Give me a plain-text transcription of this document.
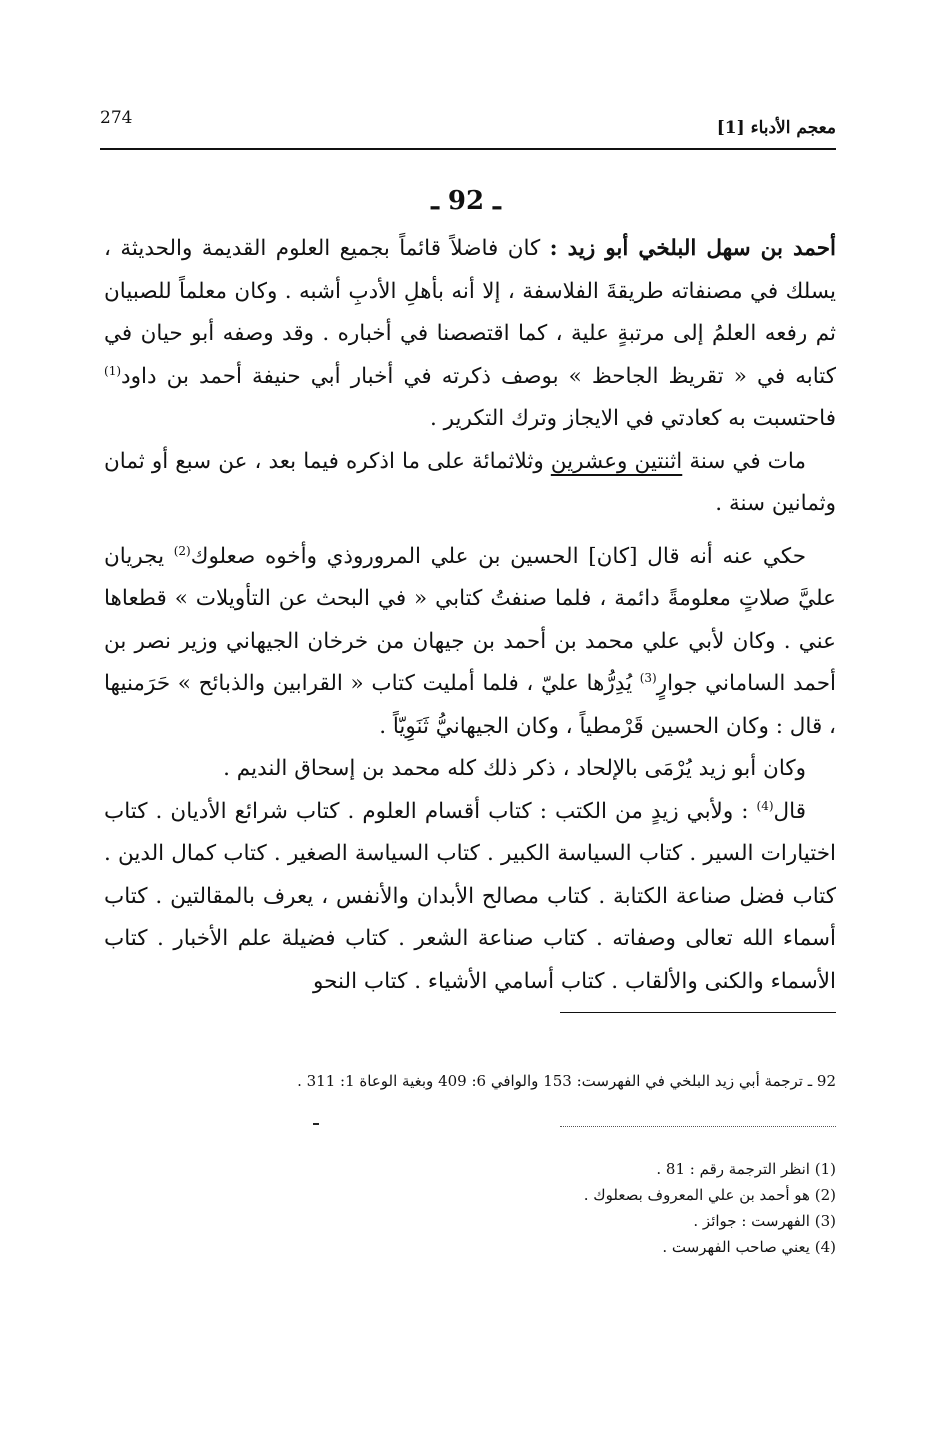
معجم الأدباء [1]
274
ـ 92 ـ

أحمد بن سهل البلخي أبو زيد : كان فاضلاً قائماً بجميع العلوم القديمة والحديثة ، يسلك في مصنفاته طريقةَ الفلاسفة ، إلا أنه بأهلِ الأدبِ أشبه . وكان معلماً للصبيان ثم رفعه العلمُ إلى مرتبةٍ علية ، كما اقتصصنا في أخباره . وقد وصفه أبو حيان في كتابه في « تقريظ الجاحظ » بوصف ذكرته في أخبار أبي حنيفة أحمد بن داود$^{(1)}$ فاحتسبت به كعادتي في الايجاز وترك التكرير .

مات في سنة اثنتين وعشرين وثلاثمائة على ما اذكره فيما بعد ، عن سبع أو ثمان وثمانين سنة .

حكي عنه أنه قال [كان] الحسين بن علي المروروذي وأخوه صعلوك$^{(2)}$ يجريان عليَّ صلاتٍ معلومةً دائمة ، فلما صنفتُ كتابي « في البحث عن التأويلات » قطعاها عني . وكان لأبي علي محمد بن أحمد بن جيهان من خرخان الجيهاني وزير نصر بن أحمد الساماني جوارٍ$^{(3)}$ يُدِرُّها عليّ ، فلما أمليت كتاب « القرابين والذبائح » حَرَمنيها ، قال : وكان الحسين قَرْمطياً ، وكان الجيهانيُّ ثَنَوِيّاً .

وكان أبو زيد يُرْمَى بالإلحاد ، ذكر ذلك كله محمد بن إسحاق النديم .

قال$^{(4)}$ : ولأبي زيدٍ من الكتب : كتاب أقسام العلوم . كتاب شرائع الأديان . كتاب اختيارات السير . كتاب السياسة الكبير . كتاب السياسة الصغير . كتاب كمال الدين . كتاب فضل صناعة الكتابة . كتاب مصالح الأبدان والأنفس ، يعرف بالمقالتين . كتاب أسماء الله تعالى وصفاته . كتاب صناعة الشعر . كتاب فضيلة علم الأخبار . كتاب الأسماء والكنى والألقاب . كتاب أسامي الأشياء . كتاب النحو

92 ـ ترجمة أبي زيد البلخي في الفهرست: 153 والوافي 6: 409 وبغية الوعاة 1: 311 .
(1) انظر الترجمة رقم : 81 .
(2) هو أحمد بن علي المعروف بصعلوك .
(3) الفهرست : جوائز .
(4) يعني صاحب الفهرست .
